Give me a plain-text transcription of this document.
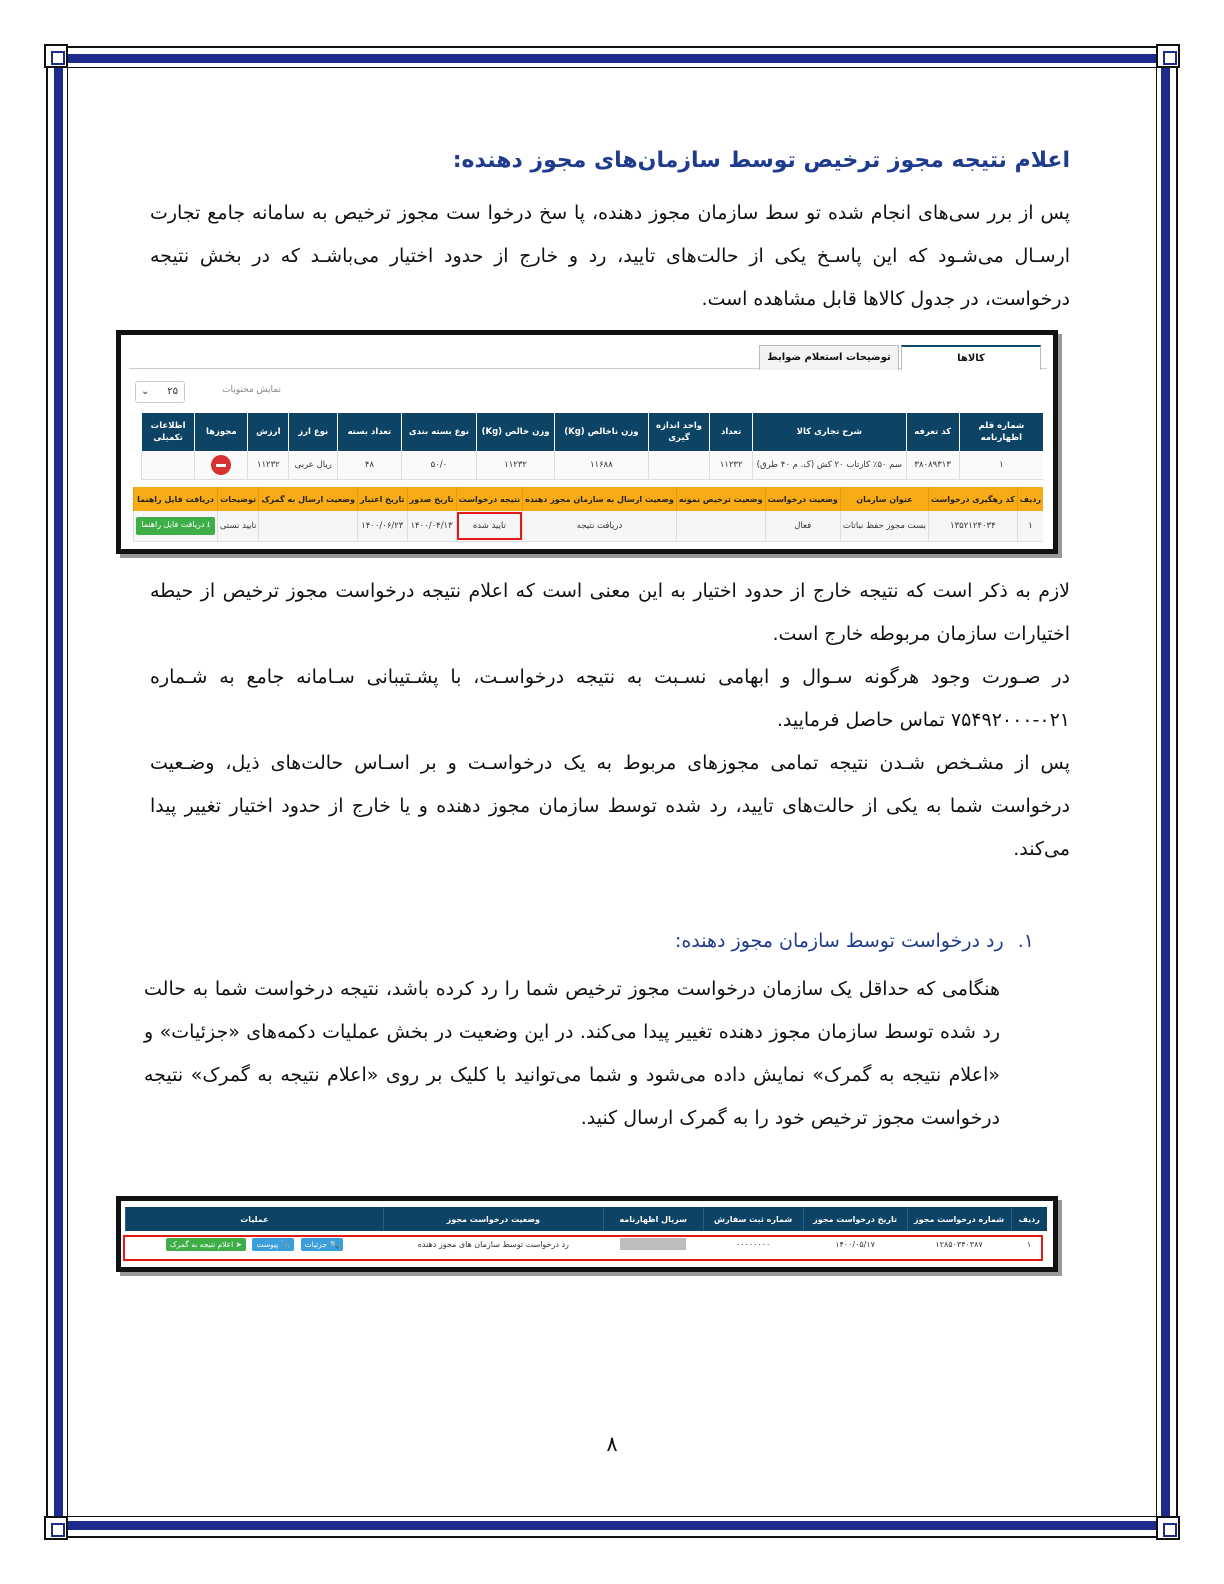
اعلام نتیجه مجوز ترخیص توسط سازمان‌های مجوز دهنده:

پس از برر سی‌های انجام شده تو سط سازمان مجوز دهنده، پا سخ درخوا ست مجوز ترخیص به سامانه جامع تجارت ارسـال می‌شـود که این پاسـخ یکی از حالت‌های تایید، رد و خارج از حدود اختیار می‌باشـد که در بخش نتیجه درخواست، در جدول کالاها قابل مشاهده است.

کالاها
توضیحات استعلام ضوابط
نمایش محتویات
۲۵
⌄
شماره قلم اظهارنامه	کد تعرفه	شرح تجاری کالا	تعداد	واحد اندازه گیری	وزن ناخالص (Kg)	وزن خالص (Kg)	نوع بسته بندی	تعداد بسته	نوع ارز	ارزش	مجوزها	اطلاعات تکمیلی
۱	۳۸۰۸۹۳۱۳	سم ۵۰٪ کارتاب ۲۰ کش (ک. م ۴۰ طرق)	۱۱۲۳۲		۱۱۶۸۸	۱۱۲۳۲	۵۰/۰	۴۸	ریال عربی	۱۱۲۳۲		
ردیف	کد رهگیری درخواست	عنوان سازمان	وضعیت درخواست	وضعیت ترخیص نمونه	وضعیت ارسال به سازمان مجوز دهنده	نتیجه درخواست	تاریخ صدور	تاریخ اعتبار	وضعیت ارسال به گمرک	توضیحات	دریافت فایل راهنما
۱	۱۳۵۲۱۲۴۰۳۴	بست مجوز حفظ نباتات	فعال		دریافت نتیجه	تایید شده	۱۴۰۰/۰۴/۱۳	۱۴۰۰/۰۶/۲۳		تایید نستی	⭳ دریافت فایل راهنما

لازم به ذکر است که نتیجه خارج از حدود اختیار به این معنی است که اعلام نتیجه درخواست مجوز ترخیص از حیطه اختیارات سازمان مربوطه خارج است.

در صـورت وجود هرگونه سـوال و ابهامی نسـبت به نتیجه درخواسـت، با پشـتیبانی سـامانه جامع به شـماره ۰۲۱-۷۵۴۹۲۰۰۰ تماس حاصل فرمایید.

پس از مشـخص شـدن نتیجه تمامی مجوزهای مربوط به یک درخواسـت و بر اسـاس حالت‌های ذیل، وضـعیت درخواست شما به یکی از حالت‌های تایید، رد شده توسط سازمان مجوز دهنده و یا خارج از حدود اختیار تغییر پیدا می‌کند.

۱. رد درخواست توسط سازمان مجوز دهنده:

هنگامی که حداقل یک سازمان درخواست مجوز ترخیص شما را رد کرده باشد، نتیجه درخواست شما به حالت رد شده توسط سازمان مجوز دهنده تغییر پیدا می‌کند. در این وضعیت در بخش عملیات دکمه‌های «جزئیات» و «اعلام نتیجه به گمرک» نمایش داده می‌شود و شما می‌توانید با کلیک بر روی «اعلام نتیجه به گمرک» نتیجه درخواست مجوز ترخیص خود را به گمرک ارسال کنید.

ردیف	شماره درخواست مجوز	تاریخ درخواست مجوز	شماره ثبت سفارش	سریال اظهارنامه	وضعیت درخواست مجوز	عملیات
۱	۱۲۸۵۰۳۴۰۳۸۷	۱۴۰۰/۰۵/۱۷	۰۰۰۰۰۰۰۰		رد درخواست توسط سازمان های مجوز دهنده	🔍 جزئیات 📎 پیوست ➤ اعلام نتیجه به گمرک
۸
